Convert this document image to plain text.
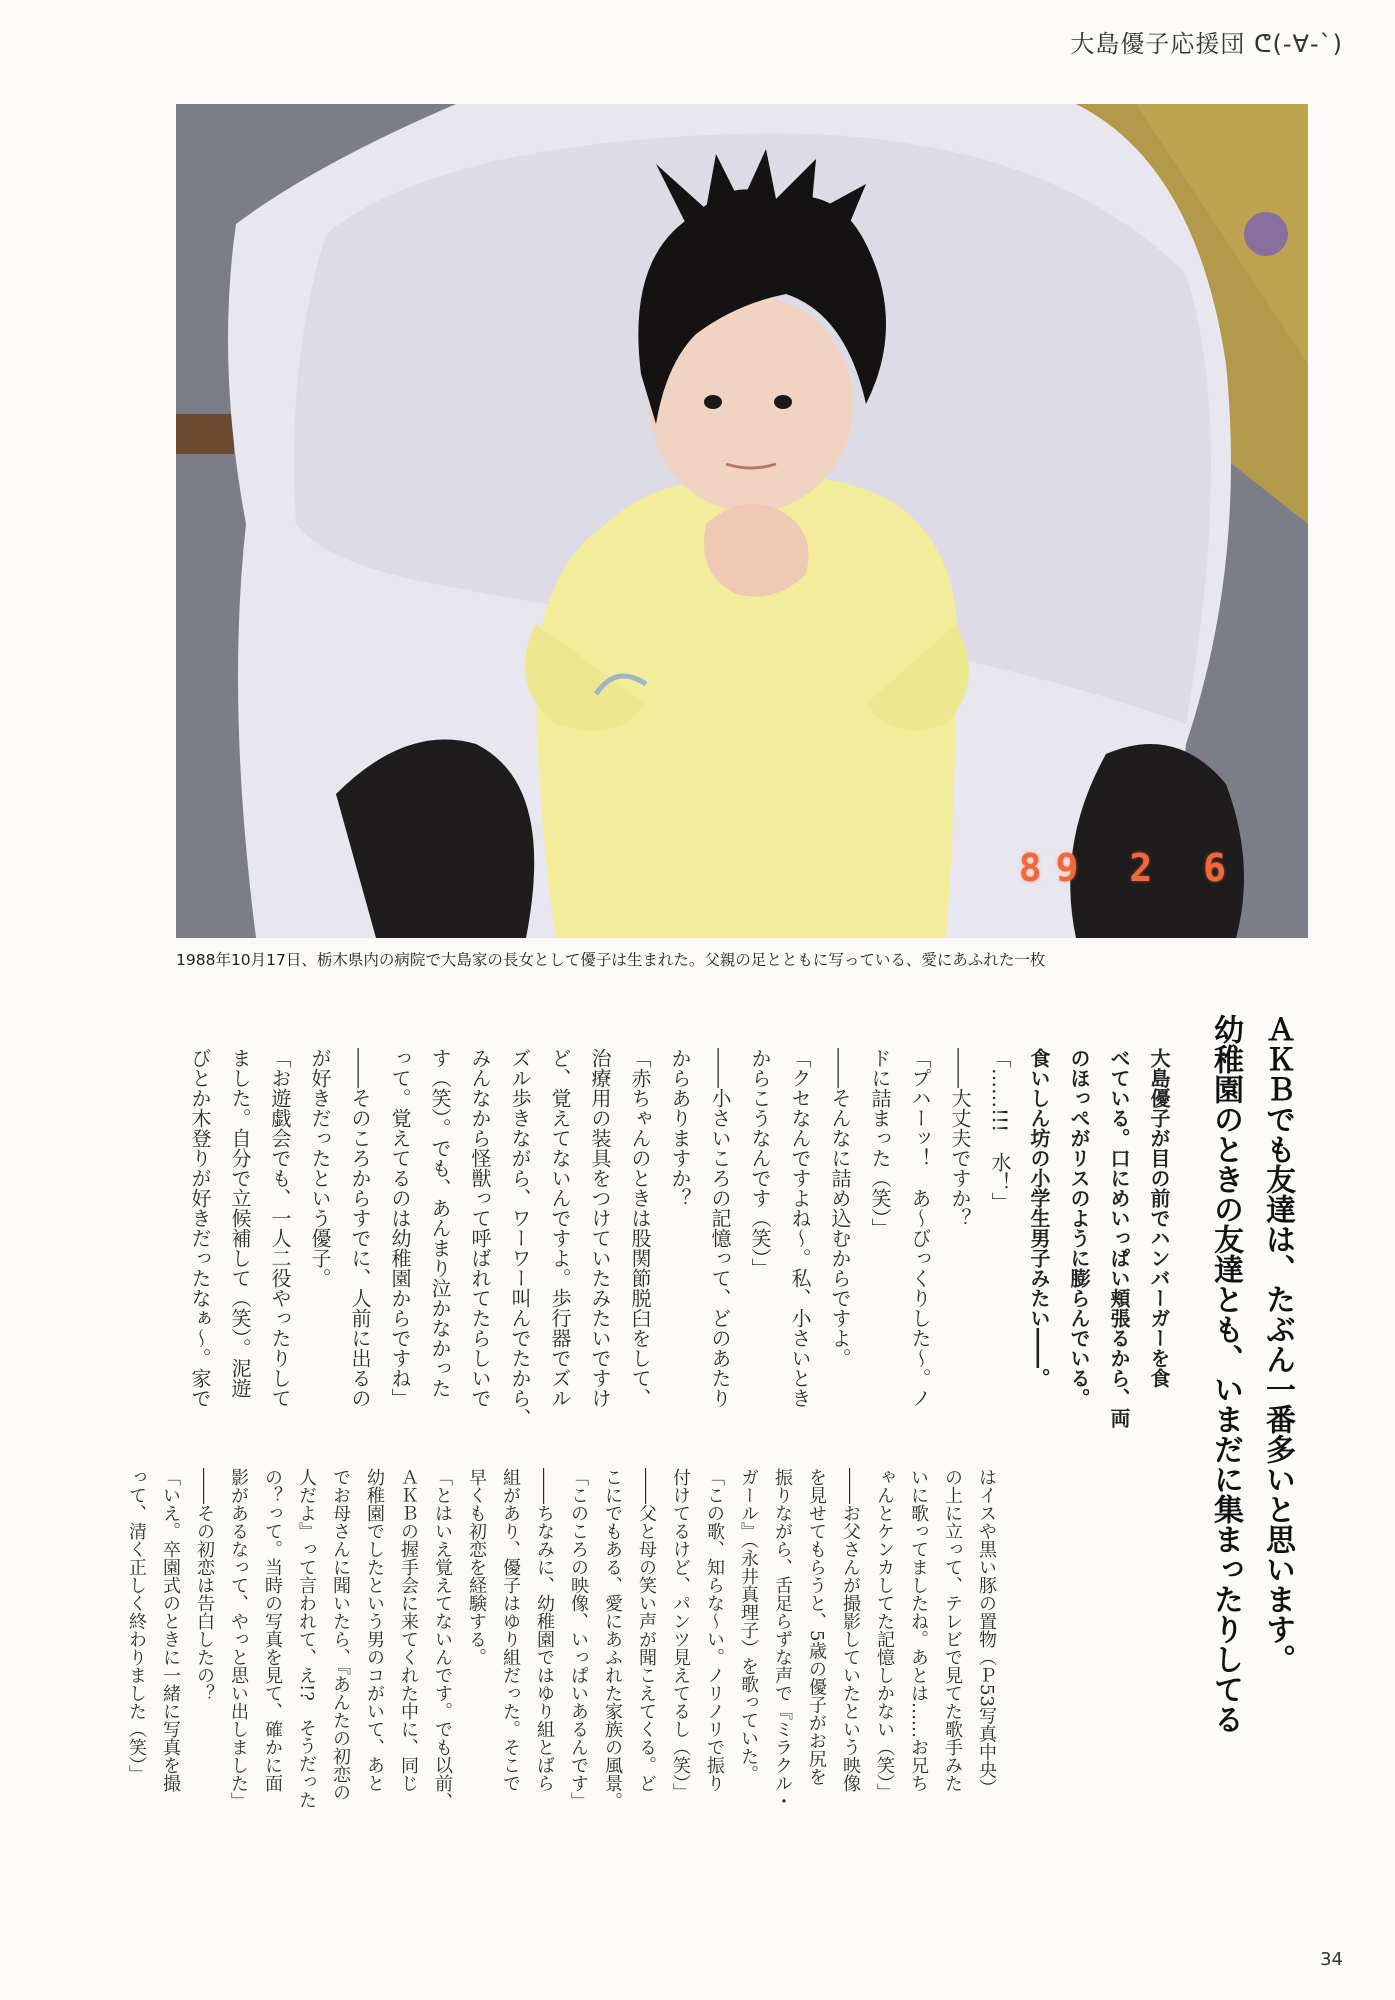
大島優子応援団 ᕦ(-∀-`)
89 2 6
1988年10月17日、栃木県内の病院で大島家の長女として優子は生まれた。父親の足とともに写っている、愛にあふれた一枚
ＡＫＢでも友達は、たぶん一番多いと思います。
幼稚園のときの友達とも、いまだに集まったりしてる
大島優子が目の前でハンバーガーを食
べている。口にめいっぱい頬張るから、両
のほっぺがリスのように膨らんでいる。
食いしん坊の小学生男子みたい――。
「……!!!　水！」
――大丈夫ですか？
「プハーッ！　あ～びっくりした～。ノ
ドに詰まった（笑）」
――そんなに詰め込むからですよ。
「クセなんですよね～。私、小さいとき
からこうなんです（笑）」
――小さいころの記憶って、どのあたり
からありますか？
「赤ちゃんのときは股関節脱臼をして、
治療用の装具をつけていたみたいですけ
ど、覚えてないんですよ。歩行器でズル
ズル歩きながら、ワーワー叫んでたから、
みんなから怪獣って呼ばれてたらしいで
す（笑）。でも、あんまり泣かなかった
って。覚えてるのは幼稚園からですね」
――そのころからすでに、人前に出るの
が好きだったという優子。
「お遊戯会でも、一人二役やったりして
ました。自分で立候補して（笑）。泥遊
びとか木登りが好きだったなぁ～。家で
はイスや黒い豚の置物（Ｐ53写真中央）
の上に立って、テレビで見てた歌手みた
いに歌ってましたね。あとは……お兄ち
ゃんとケンカしてた記憶しかない（笑）」
――お父さんが撮影していたという映像
を見せてもらうと、5歳の優子がお尻を
振りながら、舌足らずな声で『ミラクル・
ガール』（永井真理子）を歌っていた。
「この歌、知らな～い。ノリノリで振り
付けてるけど、パンツ見えてるし（笑）」
――父と母の笑い声が聞こえてくる。ど
こにでもある、愛にあふれた家族の風景。
「このころの映像、いっぱいあるんです」
――ちなみに、幼稚園ではゆり組とばら
組があり、優子はゆり組だった。そこで
早くも初恋を経験する。
「とはいえ覚えてないんです。でも以前、
ＡＫＢの握手会に来てくれた中に、同じ
幼稚園でしたという男のコがいて、あと
でお母さんに聞いたら、『あんたの初恋の
人だよ』って言われて、え!?　そうだった
の？って。当時の写真を見て、確かに面
影があるなって、やっと思い出しました」
――その初恋は告白したの？
「いえ。卒園式のときに一緒に写真を撮
って、清く正しく終わりました（笑）」
34
